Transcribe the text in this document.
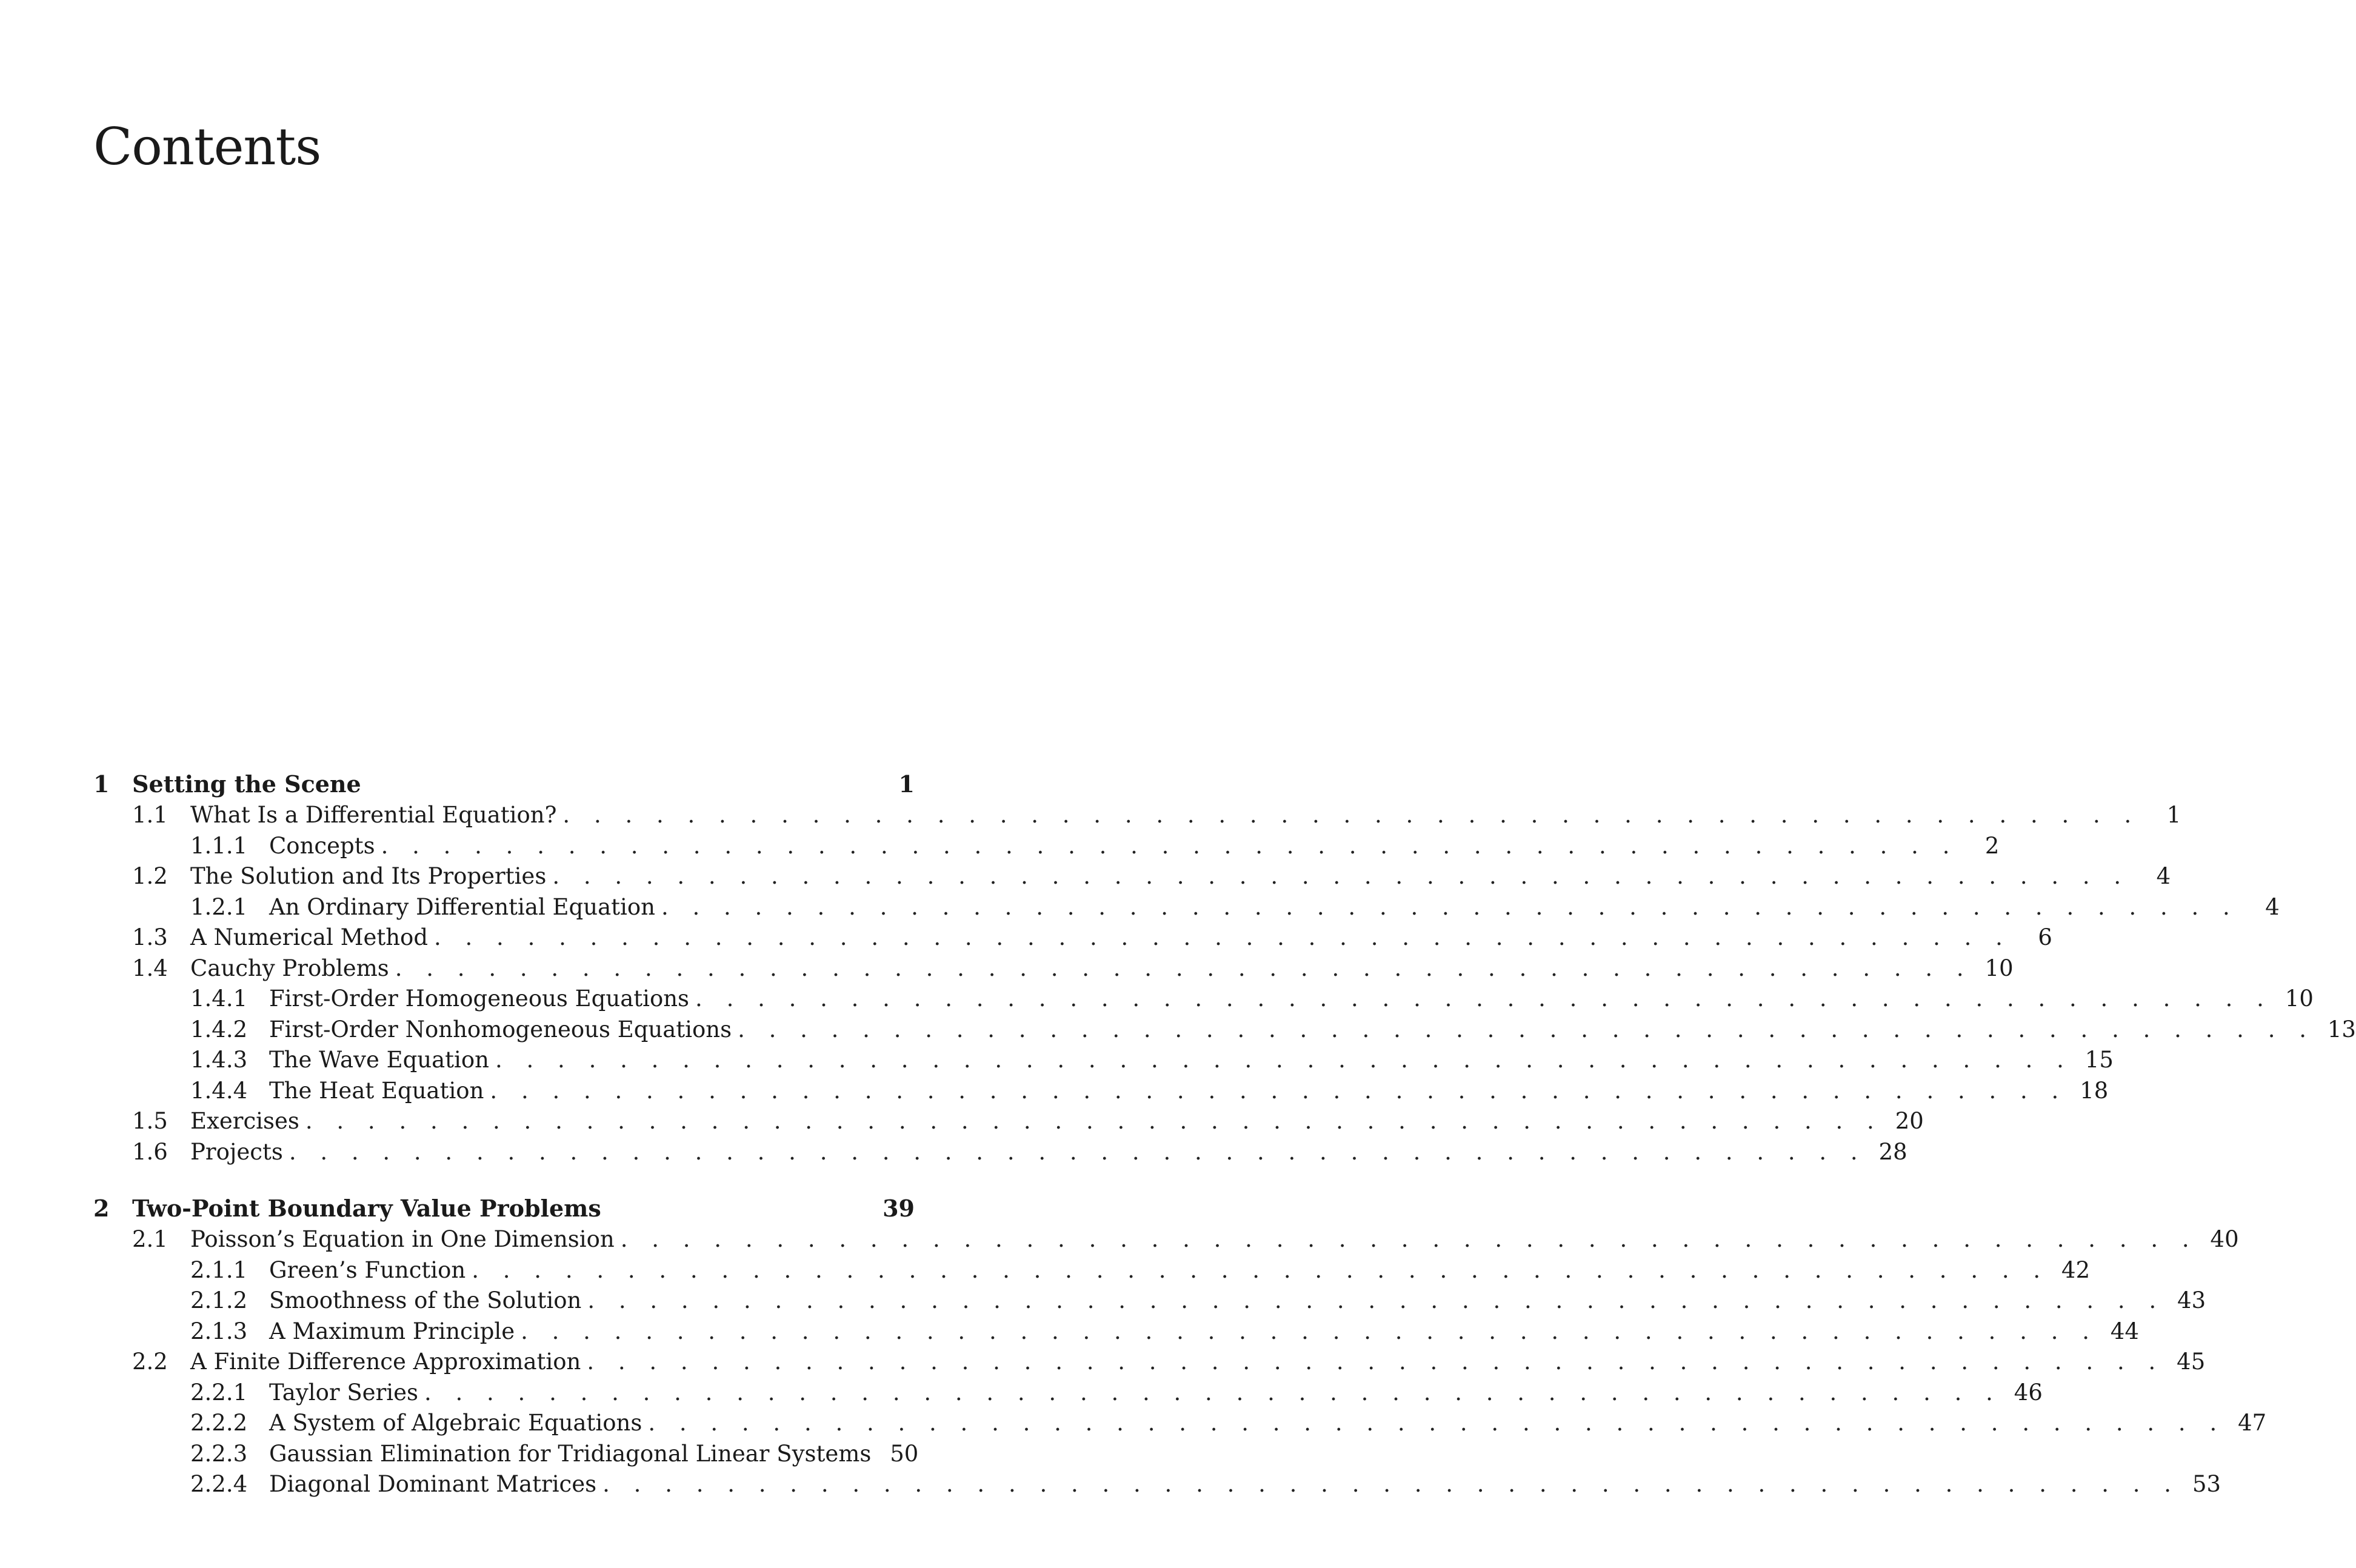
Contents
1 Setting the Scene	1
1.1	What Is a Differential Equation? . . . . . . . . . . . . . . . . . . . . . . . . . . . . . . . . . . . . . . . . . . . . . . . . . . .	1
1.1.1 Concepts . . . . . . . . . . . . . . . . . . . . . . . . . . . . . . . . . . . . . . . . . . . . . . . . . . .	2
1.2	The Solution and Its Properties . . . . . . . . . . . . . . . . . . . . . . . . . . . . . . . . . . . . . . . . . . . . . . . . . . .	4
1.2.1 An Ordinary Differential Equation . . . . . . . . . . . . . . . . . . . . . . . . . . . . . . . . . . . . . . . . . . . . . . . . . . .	4
1.3	A Numerical Method . . . . . . . . . . . . . . . . . . . . . . . . . . . . . . . . . . . . . . . . . . . . . . . . . . .	6
1.4	Cauchy Problems . . . . . . . . . . . . . . . . . . . . . . . . . . . . . . . . . . . . . . . . . . . . . . . . . . . 10
1.4.1 First-Order Homogeneous Equations . . . . . . . . . . . . . . . . . . . . . . . . . . . . . . . . . . . . . . . . . . . . . . . . . . . 10
1.4.2 First-Order Nonhomogeneous Equations . . . . . . . . . . . . . . . . . . . . . . . . . . . . . . . . . . . . . . . . . . . . . . . . . . . 13
1.4.3 The Wave Equation . . . . . . . . . . . . . . . . . . . . . . . . . . . . . . . . . . . . . . . . . . . . . . . . . . . 15
1.4.4 The Heat Equation . . . . . . . . . . . . . . . . . . . . . . . . . . . . . . . . . . . . . . . . . . . . . . . . . . . 18
1.5	Exercises . . . . . . . . . . . . . . . . . . . . . . . . . . . . . . . . . . . . . . . . . . . . . . . . . . . 20
1.6	Projects . . . . . . . . . . . . . . . . . . . . . . . . . . . . . . . . . . . . . . . . . . . . . . . . . . . 28
2 Two-Point Boundary Value Problems	39
2.1	Poisson’s Equation in One Dimension . . . . . . . . . . . . . . . . . . . . . . . . . . . . . . . . . . . . . . . . . . . . . . . . . . . 40
2.1.1 Green’s Function . . . . . . . . . . . . . . . . . . . . . . . . . . . . . . . . . . . . . . . . . . . . . . . . . . . 42
2.1.2 Smoothness of the Solution . . . . . . . . . . . . . . . . . . . . . . . . . . . . . . . . . . . . . . . . . . . . . . . . . . . 43
2.1.3 A Maximum Principle . . . . . . . . . . . . . . . . . . . . . . . . . . . . . . . . . . . . . . . . . . . . . . . . . . . 44
2.2	A Finite Difference Approximation . . . . . . . . . . . . . . . . . . . . . . . . . . . . . . . . . . . . . . . . . . . . . . . . . . . 45
2.2.1 Taylor Series . . . . . . . . . . . . . . . . . . . . . . . . . . . . . . . . . . . . . . . . . . . . . . . . . . . 46
2.2.2 A System of Algebraic Equations . . . . . . . . . . . . . . . . . . . . . . . . . . . . . . . . . . . . . . . . . . . . . . . . . . . 47
2.2.3 Gaussian Elimination for Tridiagonal Linear Systems 50
2.2.4 Diagonal Dominant Matrices . . . . . . . . . . . . . . . . . . . . . . . . . . . . . . . . . . . . . . . . . . . . . . . . . . . 53
